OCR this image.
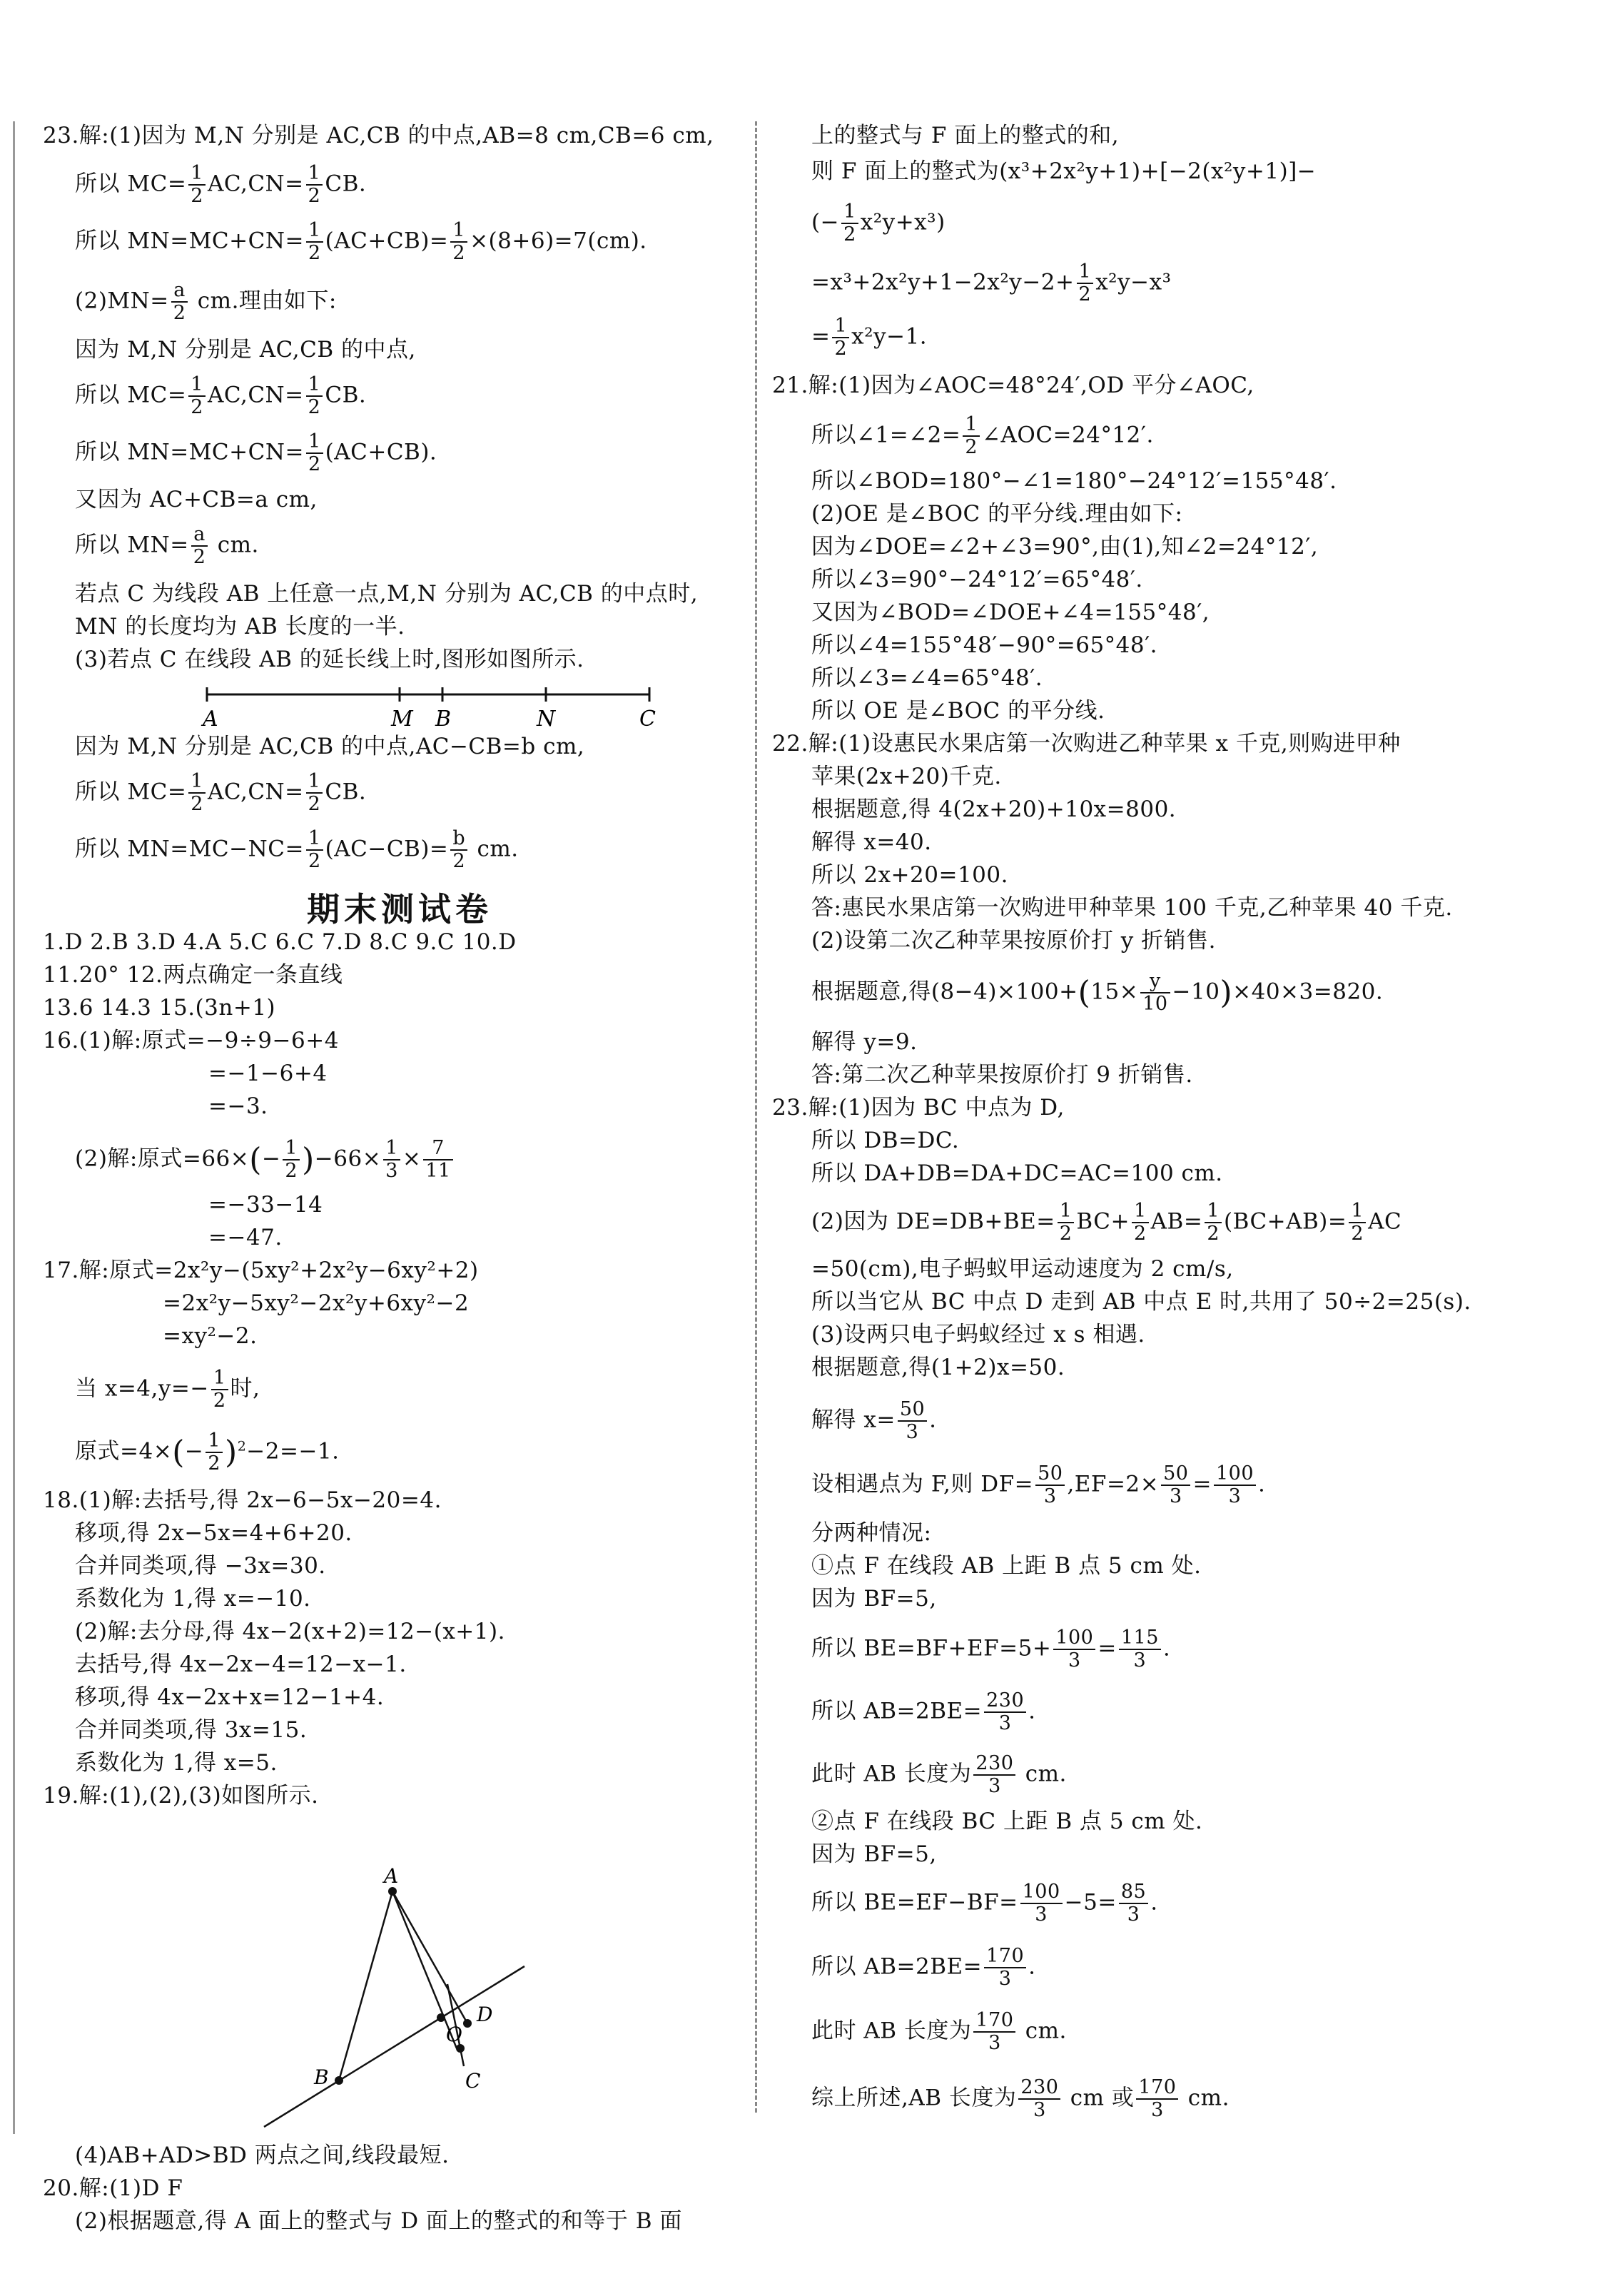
23.解:(1)因为 M,N 分别是 AC,CB 的中点,AB=8 cm,CB=6 cm,
所以 $MC= \frac{1}{2} AC,CN= \frac{1}{2}$ CB.
所以 $MN=MC+CN= \frac{1}{2} (AC+CB)= \frac{1}{2} \times(8+6)=7(cm)$.
$(2)MN= \frac{a}{2}$ cm.理由如下:
因为 M,N 分别是 AC,CB 的中点,
所以 $MC= \frac{1}{2} AC,CN= \frac{1}{2}$ CB.
所以 $MN=MC+CN= \frac{1}{2} (AC+CB)$.
又因为 AC+CB=a cm,
所以 $MN= \frac{a}{2}$ cm.
若点 C 为线段 AB 上任意一点,M,N 分别为 AC,CB 的中点时,
MN 的长度均为 AB 长度的一半.
(3)若点 C 在线段 AB 的延长线上时,图形如图所示.
A	M B	N	C
因为 M,N 分别是 AC,CB 的中点,AC−CB=b cm,
所以 $MC= \frac{1}{2} AC,CN= \frac{1}{2}$ CB.
所以 $MN=MC-NC= \frac{1}{2} (AC-CB)= \frac{b}{2}$ cm.
期末测试卷
1.D 2.B 3.D 4.A 5.C 6.C 7.D 8.C 9.C 10.D
11.20° 12.两点确定一条直线
13.6 14.3 15.(3n+1)
16.(1)解:原式=−9÷9−6+4
=−1−6+4
=−3.
(2)解:原式$=66\times(- \frac{1}{2} )-66\times \frac{1}{3} \times \frac{7}{11}$
=−33−14
=−47.
17.解:原式=2x²y−(5xy²+2x²y−6xy²+2)
=2x²y−5xy²−2x²y+6xy²−2
=xy²−2.
当 $x=4,y=- \frac{1}{2}$ 时,
原式$=4\times(- \frac{1}{2} )^2-2=-1$.
18.(1)解:去括号,得 2x−6−5x−20=4.
移项,得 2x−5x=4+6+20.
合并同类项,得 −3x=30.
系数化为 1,得 x=−10.
(2)解:去分母,得 4x−2(x+2)=12−(x+1).
去括号,得 4x−2x−4=12−x−1.
移项,得 4x−2x+x=12−1+4.
合并同类项,得 3x=15.
系数化为 1,得 x=5.
19.解:(1),(2),(3)如图所示.
A
B
O
D
C
(4)AB+AD>BD 两点之间,线段最短.
20.解:(1)D F
(2)根据题意,得 A 面上的整式与 D 面上的整式的和等于 B 面
上的整式与 F 面上的整式的和,
则 F 面上的整式为(x³+2x²y+1)+[−2(x²y+1)]−
(− $\frac{1}{2} x^2y+x^3$)
$=x^3+2x^2y+1-2x^2y-2+ \frac{1}{2} x^2y-x^3$
= $\frac{1}{2} x^2y-1$.
21.解:(1)因为∠AOC=48°24′,OD 平分∠AOC,
所以∠1=∠2= $\frac{1}{2}$ ∠AOC=24°12′.
所以∠BOD=180°−∠1=180°−24°12′=155°48′.
(2)OE 是∠BOC 的平分线.理由如下:
因为∠DOE=∠2+∠3=90°,由(1),知∠2=24°12′,
所以∠3=90°−24°12′=65°48′.
又因为∠BOD=∠DOE+∠4=155°48′,
所以∠4=155°48′−90°=65°48′.
所以∠3=∠4=65°48′.
所以 OE 是∠BOC 的平分线.
22.解:(1)设惠民水果店第一次购进乙种苹果 x 千克,则购进甲种
苹果(2x+20)千克.
根据题意,得 4(2x+20)+10x=800.
解得 x=40.
所以 2x+20=100.
答:惠民水果店第一次购进甲种苹果 100 千克,乙种苹果 40 千克.
(2)设第二次乙种苹果按原价打 y 折销售.
根据题意,得$(8-4)\times 100+(15\times \frac{y}{10} -10)\times 40\times 3=820$.
解得 y=9.
答:第二次乙种苹果按原价打 9 折销售.
23.解:(1)因为 BC 中点为 D,
所以 DB=DC.
所以 DA+DB=DA+DC=AC=100 cm.
(2)因为 $DE=DB+BE= \frac{1}{2} BC+ \frac{1}{2} AB= \frac{1}{2} (BC+AB)= \frac{1}{2}$ AC
=50(cm),电子蚂蚁甲运动速度为 2 cm/s,
所以当它从 BC 中点 D 走到 AB 中点 E 时,共用了 50÷2=25(s).
(3)设两只电子蚂蚁经过 x s 相遇.
根据题意,得(1+2)x=50.
解得 $x= \frac{50}{3}$ .
设相遇点为 F,则 $DF= \frac{50}{3} ,EF=2\times \frac{50}{3} = \frac{100}{3}$ .
分两种情况:
①点 F 在线段 AB 上距 B 点 5 cm 处.
因为 BF=5,
所以 $BE=BF+EF=5+ \frac{100}{3} = \frac{115}{3}$ .
所以 $AB=2BE= \frac{230}{3}$ .
此时 AB 长度为 $\frac{230}{3}$ cm.
②点 F 在线段 BC 上距 B 点 5 cm 处.
因为 BF=5,
所以 $BE=EF-BF= \frac{100}{3} -5= \frac{85}{3}$ .
所以 $AB=2BE= \frac{170}{3}$ .
此时 AB 长度为 $\frac{170}{3}$ cm.
综上所述,AB 长度为 $\frac{230}{3}$ cm 或 $\frac{170}{3}$ cm.
